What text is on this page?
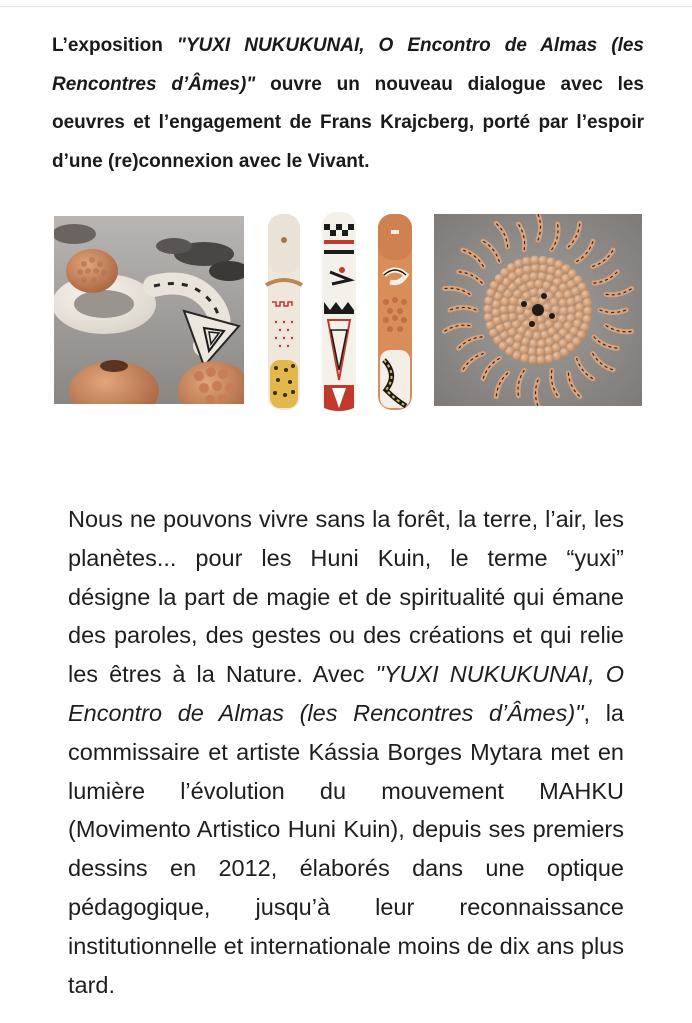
L’exposition "YUXI NUKUKUNAI, O Encontro de Almas (les Rencontres d’Âmes)" ouvre un nouveau dialogue avec les oeuvres et l’engagement de Frans Krajcberg, porté par l’espoir d’une (re)connexion avec le Vivant.

Nous ne pouvons vivre sans la forêt, la terre, l’air, les planètes... pour les Huni Kuin, le terme “yuxi” désigne la part de magie et de spiritualité qui émane des paroles, des gestes ou des créations et qui relie les êtres à la Nature. Avec "YUXI NUKUKUNAI, O Encontro de Almas (les Rencontres d’Âmes)", la commissaire et artiste Kássia Borges Mytara met en lumière l’évolution du mouvement MAHKU (Movimento Artistico Huni Kuin), depuis ses premiers dessins en 2012, élaborés dans une optique pédagogique, jusqu’à leur reconnaissance institutionnelle et internationale moins de dix ans plus tard.
